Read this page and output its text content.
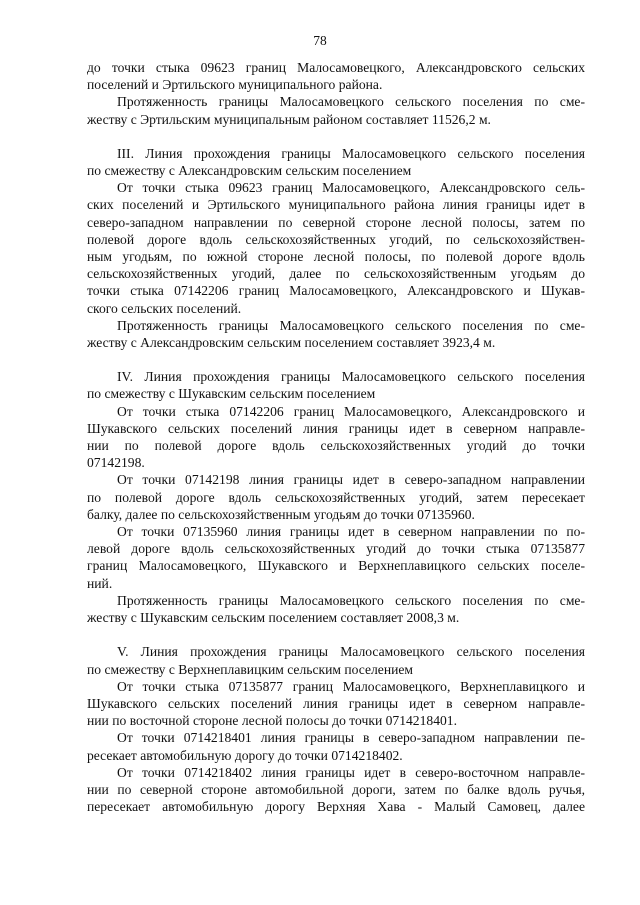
78
до точки стыка 09623 границ Малосамовецкого, Александровского сельских
поселений и Эртильского муниципального района.
Протяженность границы Малосамовецкого сельского поселения по сме-
жеству с Эртильским муниципальным районом составляет 11526,2 м.
III. Линия прохождения границы Малосамовецкого сельского поселения
по смежеству с Александровским сельским поселением
От точки стыка 09623 границ Малосамовецкого, Александровского сель-
ских поселений и Эртильского муниципального района линия границы идет в
северо-западном направлении по северной стороне лесной полосы, затем по
полевой дороге вдоль сельскохозяйственных угодий, по сельскохозяйствен-
ным угодьям, по южной стороне лесной полосы, по полевой дороге вдоль
сельскохозяйственных угодий, далее по сельскохозяйственным угодьям до
точки стыка 07142206 границ Малосамовецкого, Александровского и Шукав-
ского сельских поселений.
Протяженность границы Малосамовецкого сельского поселения по сме-
жеству с Александровским сельским поселением составляет 3923,4 м.
IV. Линия прохождения границы Малосамовецкого сельского поселения
по смежеству с Шукавским сельским поселением
От точки стыка 07142206 границ Малосамовецкого, Александровского и
Шукавского сельских поселений линия границы идет в северном направле-
нии по полевой дороге вдоль сельскохозяйственных угодий до точки
07142198.
От точки 07142198 линия границы идет в северо-западном направлении
по полевой дороге вдоль сельскохозяйственных угодий, затем пересекает
балку, далее по сельскохозяйственным угодьям до точки 07135960.
От точки 07135960 линия границы идет в северном направлении по по-
левой дороге вдоль сельскохозяйственных угодий до точки стыка 07135877
границ Малосамовецкого, Шукавского и Верхнеплавицкого сельских поселе-
ний.
Протяженность границы Малосамовецкого сельского поселения по сме-
жеству с Шукавским сельским поселением составляет 2008,3 м.
V. Линия прохождения границы Малосамовецкого сельского поселения
по смежеству с Верхнеплавицким сельским поселением
От точки стыка 07135877 границ Малосамовецкого, Верхнеплавицкого и
Шукавского сельских поселений линия границы идет в северном направле-
нии по восточной стороне лесной полосы до точки 0714218401.
От точки 0714218401 линия границы в северо-западном направлении пе-
ресекает автомобильную дорогу до точки 0714218402.
От точки 0714218402 линия границы идет в северо-восточном направле-
нии по северной стороне автомобильной дороги, затем по балке вдоль ручья,
пересекает автомобильную дорогу Верхняя Хава - Малый Самовец, далее
